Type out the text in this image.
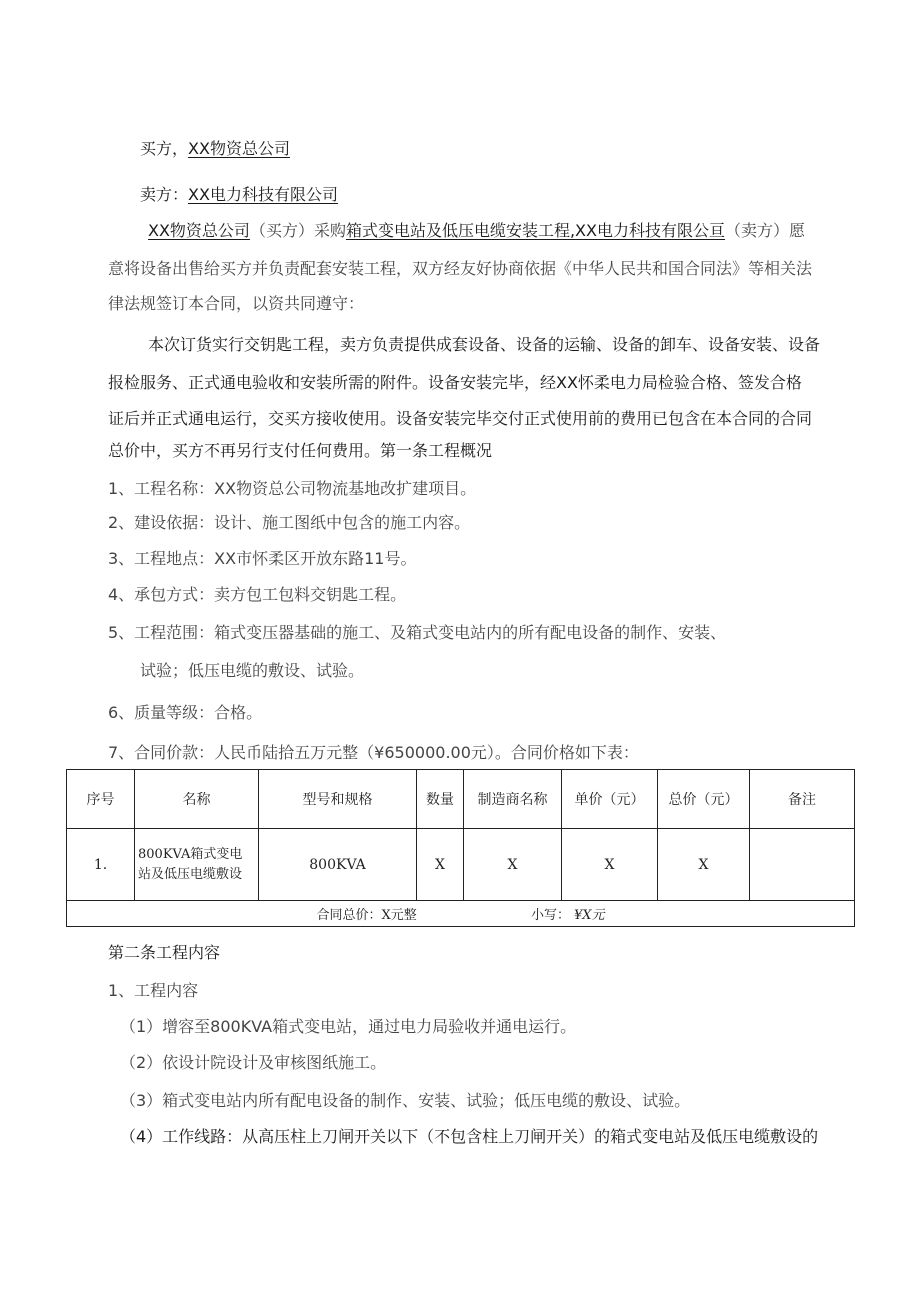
买方，XX物资总公司
卖方：XX电力科技有限公司
XX物资总公司（买方）采购箱式变电站及低压电缆安装工程,XX电力科技有限公亘（卖方）愿
意将设备出售给买方并负责配套安装工程，双方经友好协商依据《中华人民共和国合同法》等相关法
律法规签订本合同，以资共同遵守：
本次订货实行交钥匙工程，卖方负责提供成套设备、设备的运输、设备的卸车、设备安装、设备
报检服务、正式通电验收和安装所需的附件。设备安装完毕，经XX怀柔电力局检验合格、签发合格
证后并正式通电运行，交买方接收使用。设备安装完毕交付正式使用前的费用已包含在本合同的合同
总价中，买方不再另行支付任何费用。第一条工程概况
1、工程名称：XX物资总公司物流基地改扩建项目。
2、建设依据：设计、施工图纸中包含的施工内容。
3、工程地点：XX市怀柔区开放东路11号。
4、承包方式：卖方包工包料交钥匙工程。
5、工程范围：箱式变压器基础的施工、及箱式变电站内的所有配电设备的制作、安装、
试验；低压电缆的敷设、试验。
6、质量等级：合格。
7、合同价款：人民币陆拾五万元整（¥650000.00元）。合同价格如下表：
序号	名称	型号和规格	数量	制造商名称	单价（元）	总价（元）	备注
1.	800KVA箱式变电
站及低压电缆敷设	800KVA	X	X	X	X	
合同总价：X元整 小写： ¥X元							
第二条工程内容
1、工程内容
（1）增容至800KVA箱式变电站，通过电力局验收并通电运行。
（2）依设计院设计及审核图纸施工。
（3）箱式变电站内所有配电设备的制作、安装、试验；低压电缆的敷设、试验。
（4）工作线路：从高压柱上刀闸开关以下（不包含柱上刀闸开关）的箱式变电站及低压电缆敷设的
